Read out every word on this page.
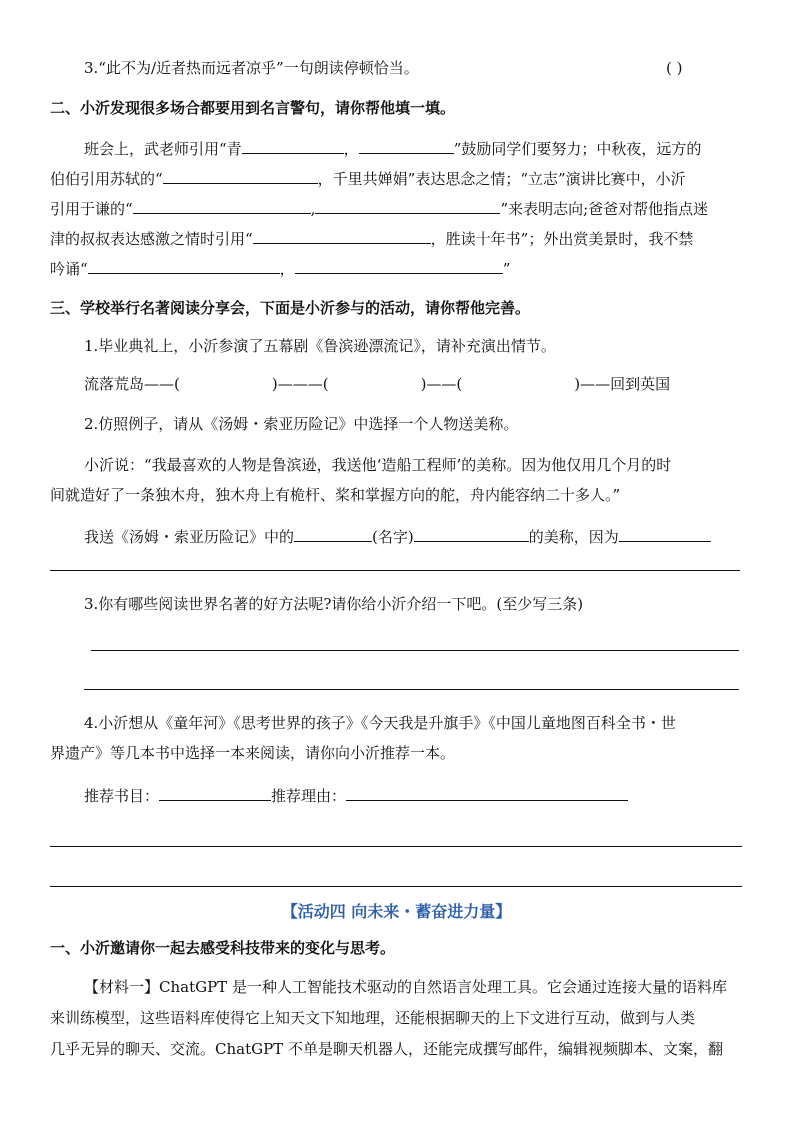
3.“此不为/近者热而远者凉乎”一句朗读停顿恰当。	( )
二、小沂发现很多场合都要用到名言警句，请你帮他填一填。
班会上，武老师引用“青	，	”鼓励同学们要努力；中秋夜，远方的
伯伯引用苏轼的“	，千里共婵娟”表达思念之情；“立志”演讲比赛中，小沂
引用于谦的“	,	”来表明志向;爸爸对帮他指点迷
津的叔叔表达感激之情时引用“	，胜读十年书”；外出赏美景时，我不禁
吟诵“	，	”
三、学校举行名著阅读分享会，下面是小沂参与的活动，请你帮他完善。
1.毕业典礼上，小沂参演了五幕剧《鲁滨逊漂流记》，请补充演出情节。
流落荒岛——(	)———(	)——(	)——回到英国
2.仿照例子，请从《汤姆・索亚历险记》中选择一个人物送美称。
小沂说：“我最喜欢的人物是鲁滨逊，我送他‘造船工程师’的美称。因为他仅用几个月的时
间就造好了一条独木舟，独木舟上有桅杆、桨和掌握方向的舵，舟内能容纳二十多人。”
我送《汤姆・索亚历险记》中的	(名字)	的美称，因为
3.你有哪些阅读世界名著的好方法呢?请你给小沂介绍一下吧。(至少写三条)
4.小沂想从《童年河》《思考世界的孩子》《今天我是升旗手》《中国儿童地图百科全书・世
界遗产》等几本书中选择一本来阅读，请你向小沂推荐一本。
推荐书目：	推荐理由：
【活动四 向未来・蓄奋进力量】
一、小沂邀请你一起去感受科技带来的变化与思考。
【材料一】ChatGPT 是一种人工智能技术驱动的自然语言处理工具。它会通过连接大量的语料库
来训练模型，这些语料库使得它上知天文下知地理，还能根据聊天的上下文进行互动，做到与人类
几乎无异的聊天、交流。ChatGPT 不单是聊天机器人，还能完成撰写邮件，编辑视频脚本、文案，翻
